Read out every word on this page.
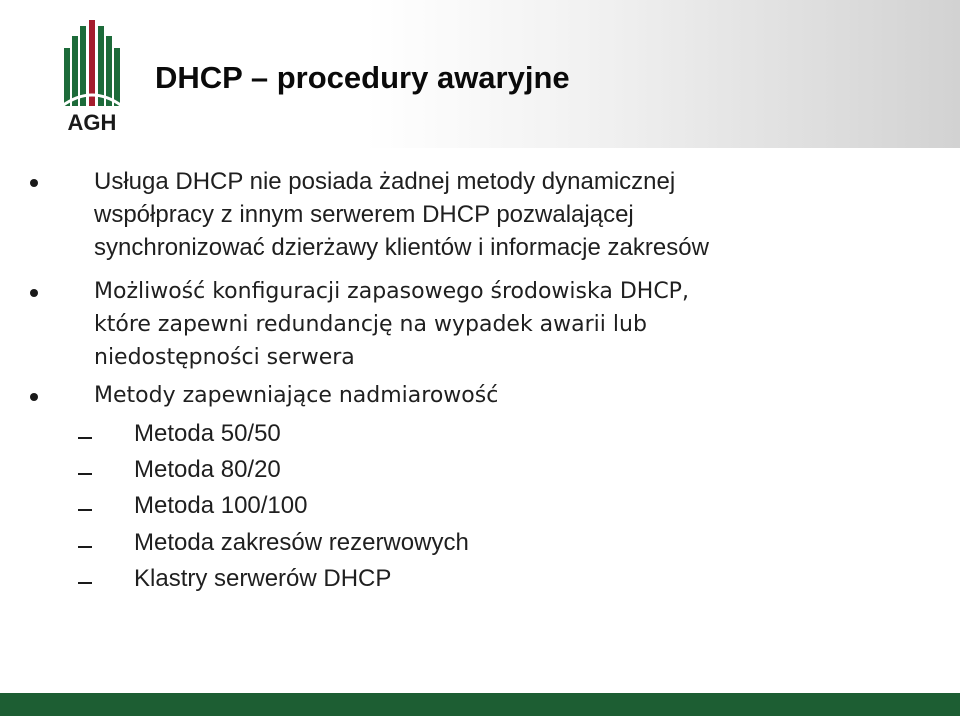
AGH
DHCP – procedury awaryjne
Usługa DHCP nie posiada żadnej metody dynamicznej
współpracy z innym serwerem DHCP pozwalającej
synchronizować dzierżawy klientów i informacje zakresów
Możliwość konfiguracji zapasowego środowiska DHCP,
które zapewni redundancję na wypadek awarii lub
niedostępności serwera
Metody zapewniające nadmiarowość
Metoda 50/50
Metoda 80/20
Metoda 100/100
Metoda zakresów rezerwowych
Klastry serwerów DHCP
